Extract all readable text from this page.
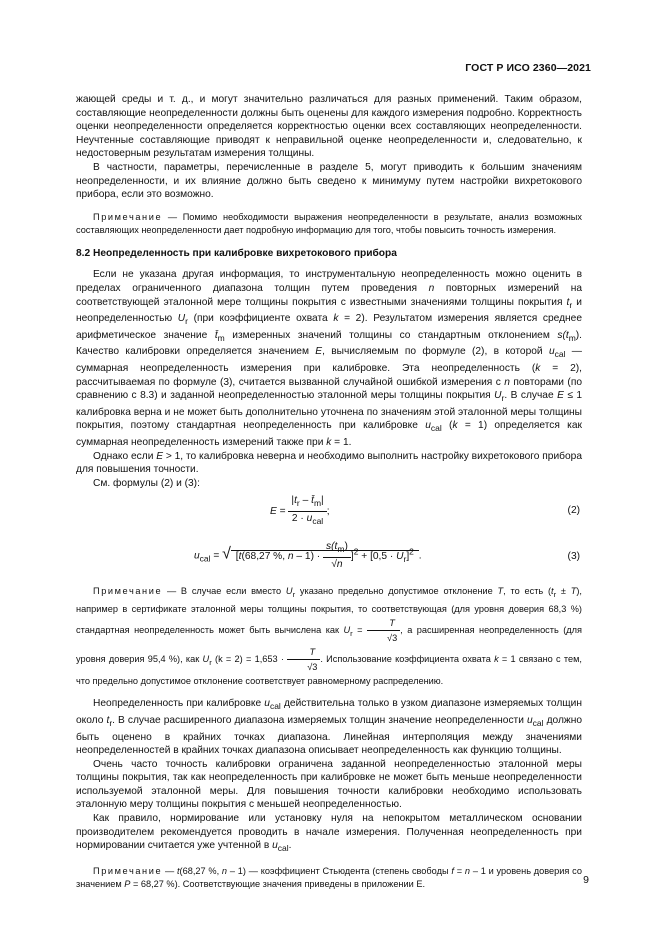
ГОСТ Р ИСО 2360—2021

жающей среды и т. д., и могут значительно различаться для разных применений. Таким образом, составляющие неопределенности должны быть оценены для каждого измерения подробно. Корректность оценки неопределенности определяется корректностью оценки всех составляющих неопределенности. Неучтенные составляющие приводят к неправильной оценке неопределенности и, следовательно, к недостоверным результатам измерения толщины.

В частности, параметры, перечисленные в разделе 5, могут приводить к большим значениям неопределенности, и их влияние должно быть сведено к минимуму путем настройки вихретокового прибора, если это возможно.

Примечание — Помимо необходимости выражения неопределенности в результате, анализ возможных составляющих неопределенности дает подробную информацию для того, чтобы повысить точность измерения.

8.2 Неопределенность при калибровке вихретокового прибора

Если не указана другая информация, то инструментальную неопределенность можно оценить в пределах ограниченного диапазона толщин путем проведения n повторных измерений на соответствующей эталонной мере толщины покрытия с известными значениями толщины покрытия $t_r$ и неопределенностью $U_r$ (при коэффициенте охвата k = 2). Результатом измерения является среднее арифметическое значение $t̄_m$ измеренных значений толщины со стандартным отклонением $s(t_m)$. Качество калибровки определяется значением E, вычисляемым по формуле (2), в которой $u_{cal}$ — суммарная неопределенность измерения при калибровке. Эта неопределенность (k = 2), рассчитываемая по формуле (3), считается вызванной случайной ошибкой измерения с n повторами (по сравнению с 8.3) и заданной неопределенностью эталонной меры толщины покрытия $U_r$. В случае E ≤ 1 калибровка верна и не может быть дополнительно уточнена по значениям этой эталонной меры толщины покрытия, поэтому стандартная неопределенность при калибровке $u_{cal}$ (k = 1) определяется как суммарная неопределенность измерений также при k = 1.

Однако если E > 1, то калибровка неверна и необходимо выполнить настройку вихретокового прибора для повышения точности.

См. формулы (2) и (3):

$E = \frac{|t_r - t̄_m|}{2 \cdot u_{cal}}$ ;	(2)
$u_{cal}$ = √ [t(68,27 %, $n - 1) \cdot \frac{s(t_m)}{√n} ]^2 + [0,5 \cdot U_r]^2$ .	(3)

Примечание — В случае если вместо $U_r$ указано предельно допустимое отклонение T, то есть $(t_r \pm T)$, например в сертификате эталонной меры толщины покрытия, то соответствующая (для уровня доверия 68,3 %) стандартная неопределенность может быть вычислена как $U_r = \frac{T}{√3}$ , а расширенная неопределенность (для уровня доверия 95,4 %), как $U_r$ $(k = 2) = 1,653 \cdot \frac{T}{√3}$ . Использование коэффициента охвата k = 1 связано с тем, что предельно допустимое отклонение соответствует равномерному распределению.

Неопределенность при калибровке $u_{cal}$ действительна только в узком диапазоне измеряемых толщин около $t_r$. В случае расширенного диапазона измеряемых толщин значение неопределенности $u_{cal}$ должно быть оценено в крайних точках диапазона. Линейная интерполяция между значениями неопределенностей в крайних точках диапазона описывает неопределенность как функцию толщины.

Очень часто точность калибровки ограничена заданной неопределенностью эталонной меры толщины покрытия, так как неопределенность при калибровке не может быть меньше неопределенности используемой эталонной меры. Для повышения точности калибровки необходимо использовать эталонную меру толщины покрытия с меньшей неопределенностью.

Как правило, нормирование или установку нуля на непокрытом металлическом основании производителем рекомендуется проводить в начале измерения. Полученная неопределенность при нормировании считается уже учтенной в $u_{cal}$.

Примечание — t(68,27 %, n – 1) — коэффициент Стьюдента (степень свободы f = n – 1 и уровень доверия со значением P = 68,27 %). Соответствующие значения приведены в приложении Е.	9
